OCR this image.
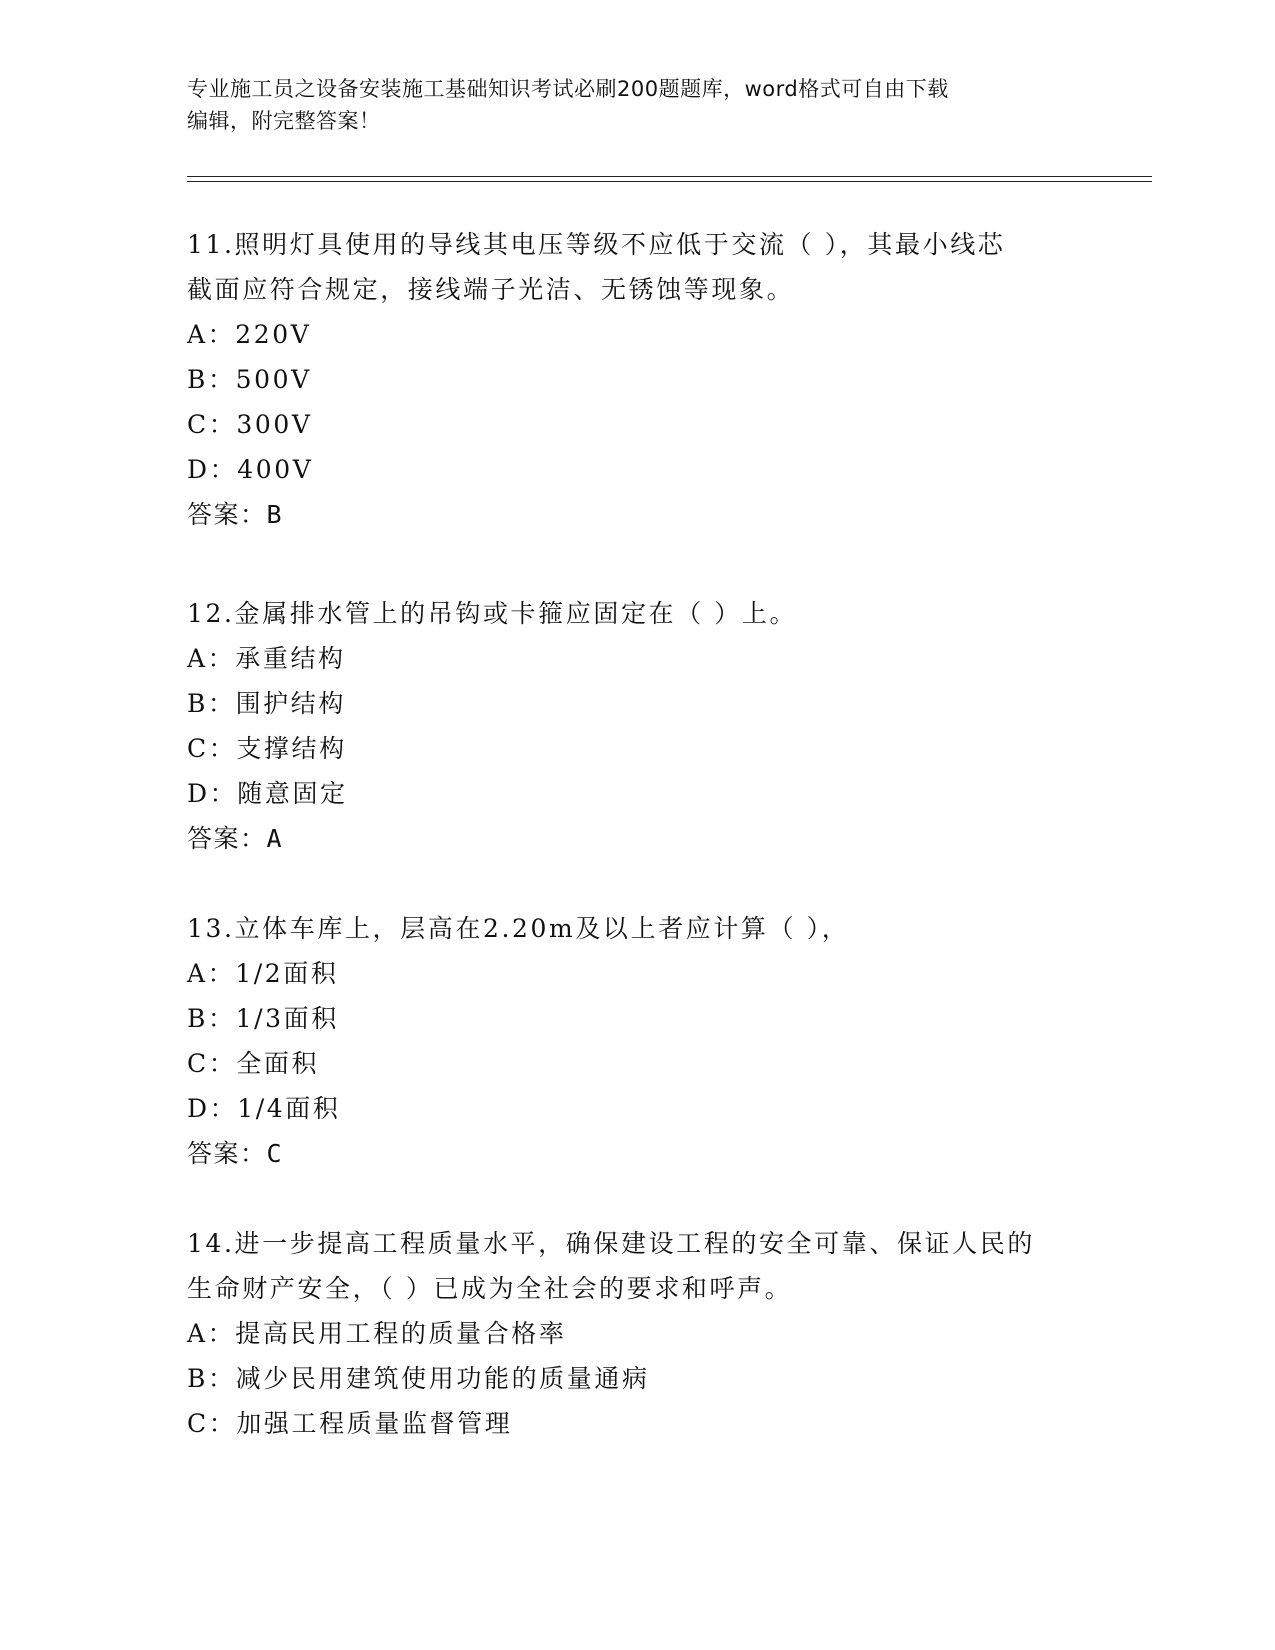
专业施工员之设备安装施工基础知识考试必刷200题题库，word格式可自由下载
编辑，附完整答案！

11.照明灯具使用的导线其电压等级不应低于交流（ ），其最小线芯

截面应符合规定，接线端子光洁、无锈蚀等现象。

A：220V

B：500V

C：300V

D：400V

答案：B

12.金属排水管上的吊钩或卡箍应固定在（ ）上。

A：承重结构

B：围护结构

C：支撑结构

D：随意固定

答案：A

13.立体车库上，层高在2.20m及以上者应计算（ ），

A：1/2面积

B：1/3面积

C：全面积

D：1/4面积

答案：C

14.进一步提高工程质量水平，确保建设工程的安全可靠、保证人民的

生命财产安全，（ ）已成为全社会的要求和呼声。

A：提高民用工程的质量合格率

B：减少民用建筑使用功能的质量通病

C：加强工程质量监督管理
